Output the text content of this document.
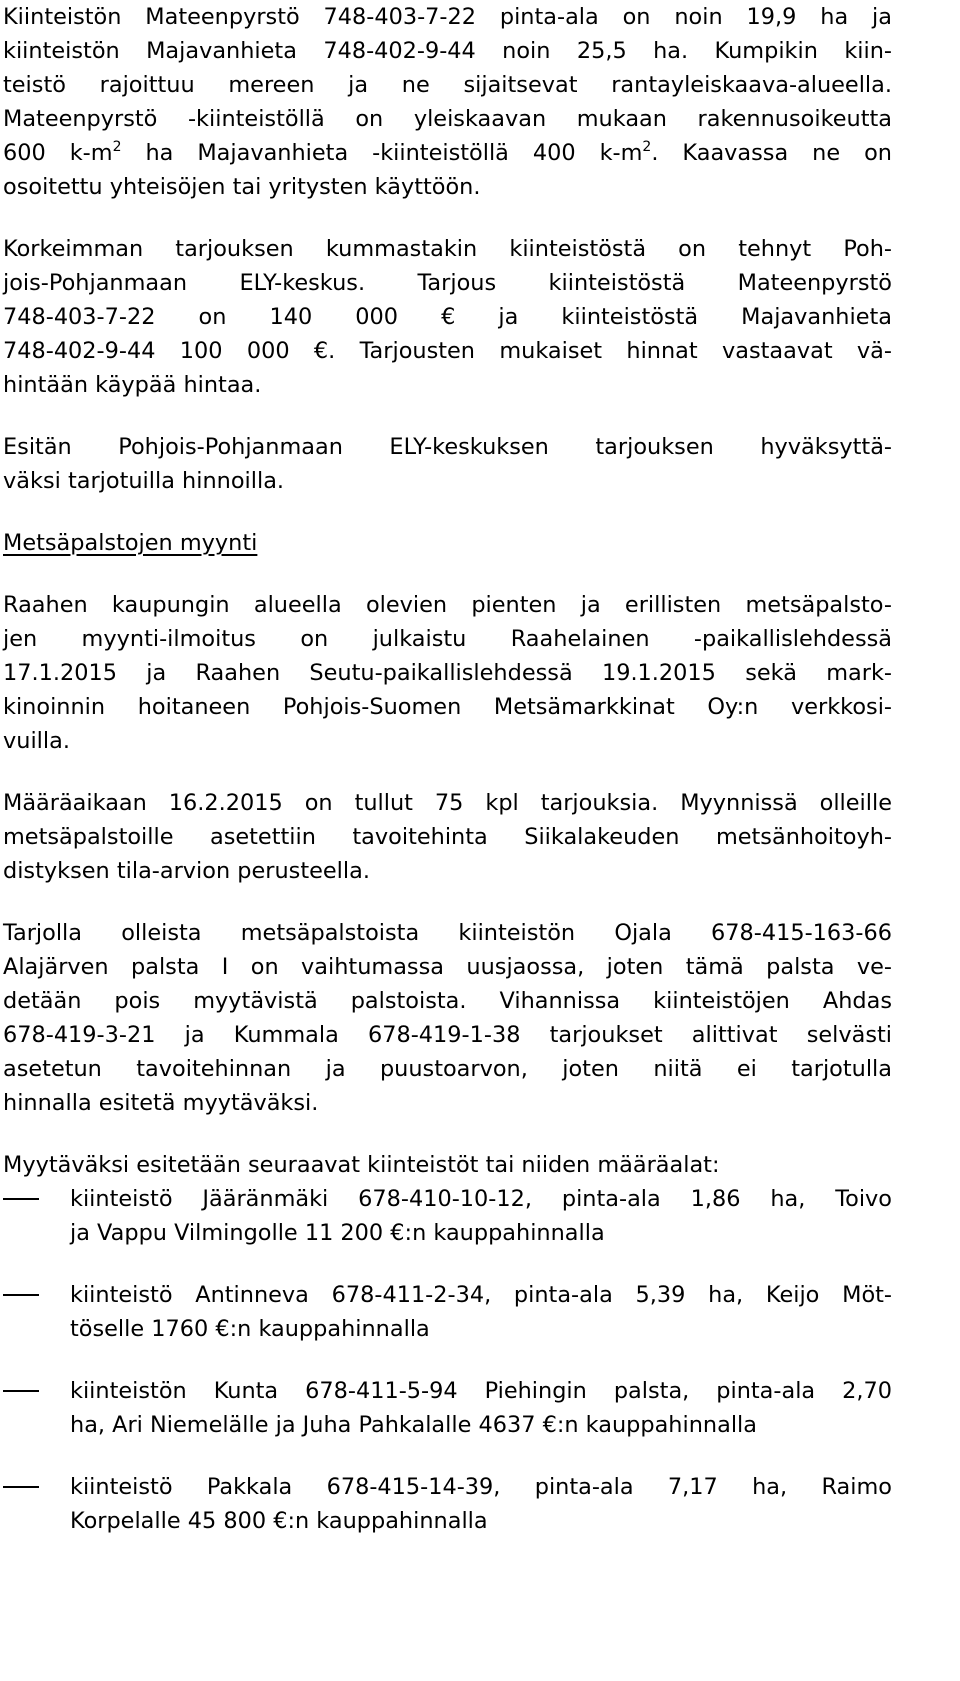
Kiinteistön Mateenpyrstö 748-403-7-22 pinta-ala on noin 19,9 ha ja
kiinteistön Majavanhieta 748-402-9-44 noin 25,5 ha. Kumpikin kiin-
teistö rajoittuu mereen ja ne sijaitsevat rantayleiskaava-alueella.
Mateenpyrstö -kiinteistöllä on yleiskaavan mukaan rakennusoikeutta
600 $k-m^2$ ha Majavanhieta -kiinteistöllä 400 $k-m^2$. Kaavassa ne on
osoitettu yhteisöjen tai yritysten käyttöön.

Korkeimman tarjouksen kummastakin kiinteistöstä on tehnyt Poh-
jois-Pohjanmaan ELY-keskus. Tarjous kiinteistöstä Mateenpyrstö
748-403-7-22 on 140 000 € ja kiinteistöstä Majavanhieta
748-402-9-44 100 000 €. Tarjousten mukaiset hinnat vastaavat vä-
hintään käypää hintaa.

Esitän Pohjois-Pohjanmaan ELY-keskuksen tarjouksen hyväksyttä-
väksi tarjotuilla hinnoilla.

Metsäpalstojen myynti

Raahen kaupungin alueella olevien pienten ja erillisten metsäpalsto-
jen myynti-ilmoitus on julkaistu Raahelainen -paikallislehdessä
17.1.2015 ja Raahen Seutu-paikallislehdessä 19.1.2015 sekä mark-
kinoinnin hoitaneen Pohjois-Suomen Metsämarkkinat Oy:n verkkosi-
vuilla.

Määräaikaan 16.2.2015 on tullut 75 kpl tarjouksia. Myynnissä olleille
metsäpalstoille asetettiin tavoitehinta Siikalakeuden metsänhoitoyh-
distyksen tila-arvion perusteella.

Tarjolla olleista metsäpalstoista kiinteistön Ojala 678-415-163-66
Alajärven palsta I on vaihtumassa uusjaossa, joten tämä palsta ve-
detään pois myytävistä palstoista. Vihannissa kiinteistöjen Ahdas
678-419-3-21 ja Kummala 678-419-1-38 tarjoukset alittivat selvästi
asetetun tavoitehinnan ja puustoarvon, joten niitä ei tarjotulla
hinnalla esitetä myytäväksi.

Myytäväksi esitetään seuraavat kiinteistöt tai niiden määräalat:

kiinteistö Jääränmäki 678-410-10-12, pinta-ala 1,86 ha, Toivo
ja Vappu Vilmingolle 11 200 €:n kauppahinnalla
kiinteistö Antinneva 678-411-2-34, pinta-ala 5,39 ha, Keijo Möt-
töselle 1760 €:n kauppahinnalla
kiinteistön Kunta 678-411-5-94 Piehingin palsta, pinta-ala 2,70
ha, Ari Niemelälle ja Juha Pahkalalle 4637 €:n kauppahinnalla
kiinteistö Pakkala 678-415-14-39, pinta-ala 7,17 ha, Raimo
Korpelalle 45 800 €:n kauppahinnalla
